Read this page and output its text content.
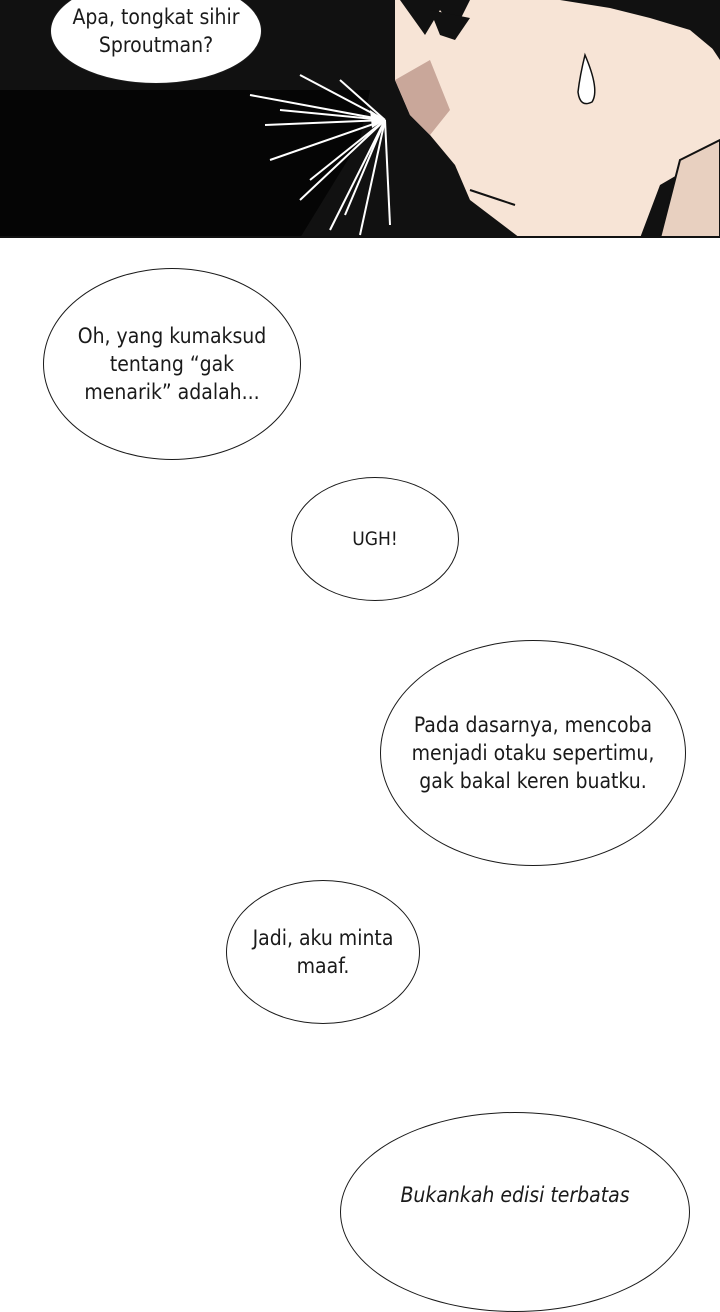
Apa, tongkat sihir
Sproutman?
Oh, yang kumaksud
tentang “gak
menarik” adalah...
UGH!
Pada dasarnya, mencoba
menjadi otaku sepertimu,
gak bakal keren buatku.
Jadi, aku minta
maaf.
Bukankah edisi terbatas
